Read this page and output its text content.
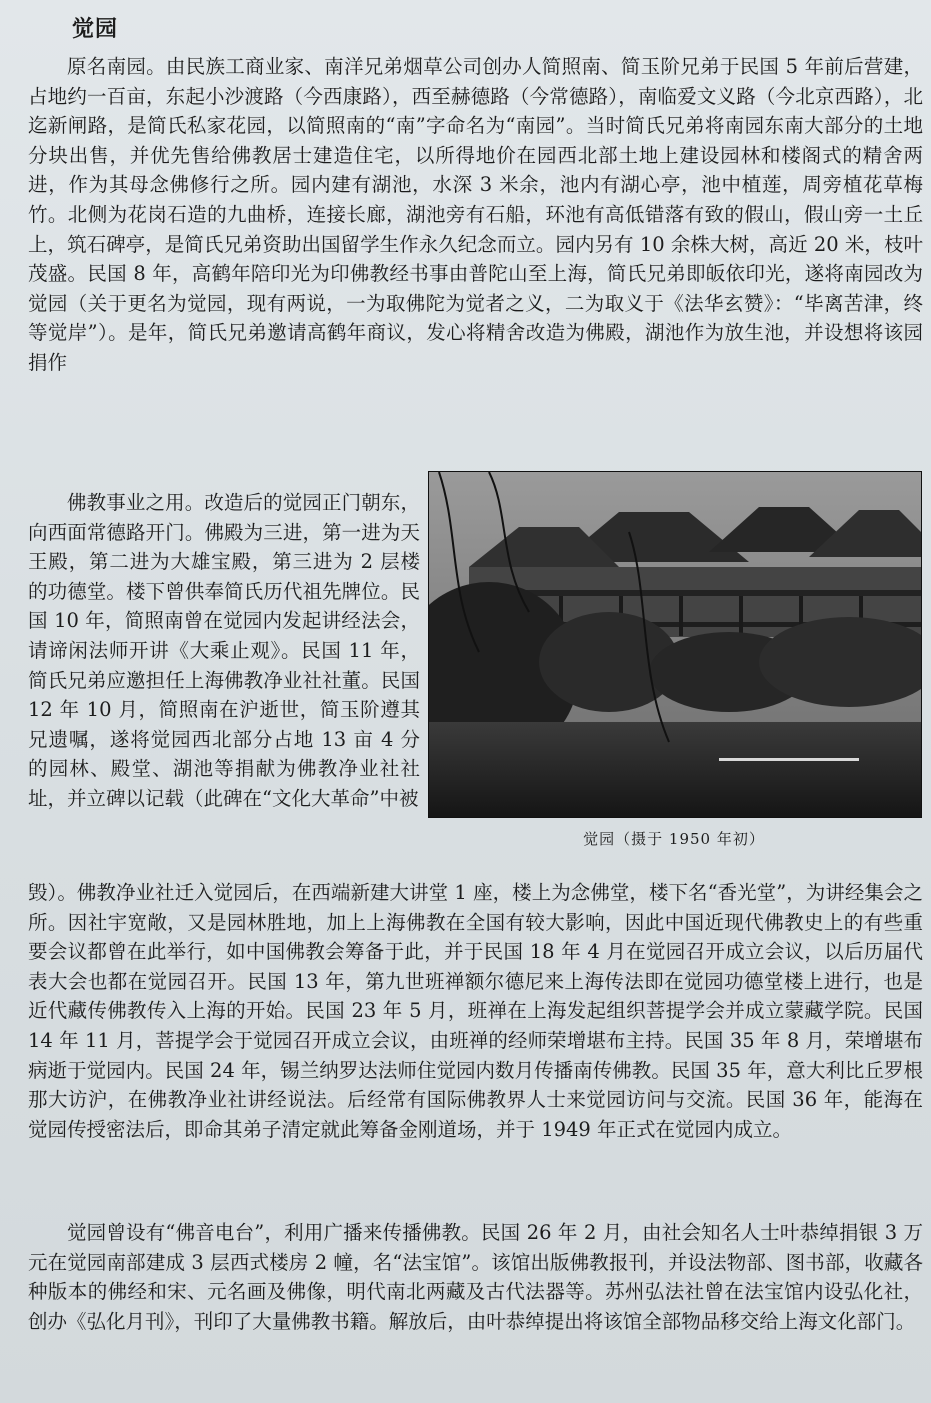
觉园

原名南园。由民族工商业家、南洋兄弟烟草公司创办人简照南、简玉阶兄弟于民国 5 年前后营建，占地约一百亩，东起小沙渡路（今西康路），西至赫德路（今常德路），南临爱文义路（今北京西路），北迄新闸路，是简氏私家花园，以简照南的“南”字命名为“南园”。当时简氏兄弟将南园东南大部分的土地分块出售，并优先售给佛教居士建造住宅，以所得地价在园西北部土地上建设园林和楼阁式的精舍两进，作为其母念佛修行之所。园内建有湖池，水深 3 米余，池内有湖心亭，池中植莲，周旁植花草梅竹。北侧为花岗石造的九曲桥，连接长廊，湖池旁有石船，环池有高低错落有致的假山，假山旁一土丘上，筑石碑亭，是简氏兄弟资助出国留学生作永久纪念而立。园内另有 10 余株大树，高近 20 米，枝叶茂盛。民国 8 年，高鹤年陪印光为印佛教经书事由普陀山至上海，简氏兄弟即皈依印光，遂将南园改为觉园（关于更名为觉园，现有两说，一为取佛陀为觉者之义，二为取义于《法华玄赞》：“毕离苦津，终等觉岸”）。是年，简氏兄弟邀请高鹤年商议，发心将精舍改造为佛殿，湖池作为放生池，并设想将该园捐作

佛教事业之用。改造后的觉园正门朝东，向西面常德路开门。佛殿为三进，第一进为天王殿，第二进为大雄宝殿，第三进为 2 层楼的功德堂。楼下曾供奉简氏历代祖先牌位。民国 10 年，简照南曾在觉园内发起讲经法会，请谛闲法师开讲《大乘止观》。民国 11 年，简氏兄弟应邀担任上海佛教净业社社董。民国 12 年 10 月，简照南在沪逝世，简玉阶遵其兄遗嘱，遂将觉园西北部分占地 13 亩 4 分的园林、殿堂、湖池等捐献为佛教净业社社址，并立碑以记载（此碑在“文化大革命”中被

毁）。佛教净业社迁入觉园后，在西端新建大讲堂 1 座，楼上为念佛堂，楼下名“香光堂”，为讲经集会之所。因社宇宽敞，又是园林胜地，加上上海佛教在全国有较大影响，因此中国近现代佛教史上的有些重要会议都曾在此举行，如中国佛教会筹备于此，并于民国 18 年 4 月在觉园召开成立会议，以后历届代表大会也都在觉园召开。民国 13 年，第九世班禅额尔德尼来上海传法即在觉园功德堂楼上进行，也是近代藏传佛教传入上海的开始。民国 23 年 5 月，班禅在上海发起组织菩提学会并成立蒙藏学院。民国 14 年 11 月，菩提学会于觉园召开成立会议，由班禅的经师荣增堪布主持。民国 35 年 8 月，荣增堪布病逝于觉园内。民国 24 年，锡兰纳罗达法师住觉园内数月传播南传佛教。民国 35 年，意大利比丘罗根那大访沪，在佛教净业社讲经说法。后经常有国际佛教界人士来觉园访问与交流。民国 36 年，能海在觉园传授密法后，即命其弟子清定就此筹备金刚道场，并于 1949 年正式在觉园内成立。

觉园曾设有“佛音电台”，利用广播来传播佛教。民国 26 年 2 月，由社会知名人士叶恭绰捐银 3 万元在觉园南部建成 3 层西式楼房 2 幢，名“法宝馆”。该馆出版佛教报刊，并设法物部、图书部，收藏各种版本的佛经和宋、元名画及佛像，明代南北两藏及古代法器等。苏州弘法社曾在法宝馆内设弘化社，创办《弘化月刊》，刊印了大量佛教书籍。解放后，由叶恭绰提出将该馆全部物品移交给上海文化部门。

觉园（摄于 1950 年初）
